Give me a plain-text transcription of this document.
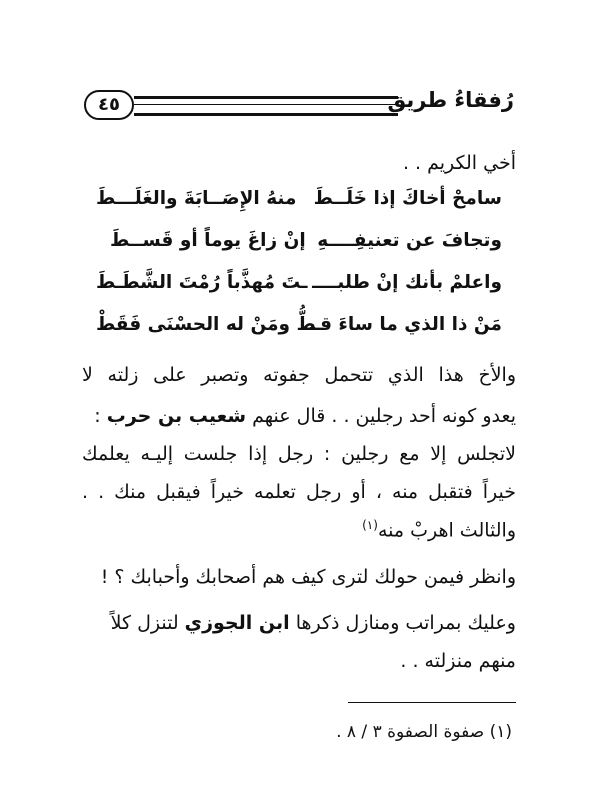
٤٥	رُفقاءُ طريق
أخي الكريم . .
سامحْ أخاكَ إذا خَلَــطَ
منهُ الإِصَــابَةَ والغَلَـــطَ
وتجافَ عن تعنيفِــــهِ
إنْ زاغَ يوماً أو قَســطَ
واعلمْ بأنك إنْ طلبــــ
ـتَ مُهذَّباً رُمْتَ الشَّطَـطَ
مَنْ ذا الذي ما ساءَ قــ
ـطُّ ومَنْ له الحسْنَى فَقَطْ
والأخ هذا الذي تتحمل جفوته وتصبر على زلته لا
يعدو كونه أحد رجلين . . قال عنهم شعيب بن حرب :
لاتجلس إلا مع رجلين : رجل إذا جلست إليـه يعلمك
خيراً فتقبل منه ، أو رجل تعلمه خيراً فيقبل منك . .
والثالث اهربْ منه$^{(١)}$
وانظر فيمن حولك لترى كيف هم أصحابك وأحبابك ؟ !
وعليك بمراتب ومنازل ذكرها ابن الجوزي لتنزل كلاً
منهم منزلته . .
(١) صفوة الصفوة ٣ / ٨ .
